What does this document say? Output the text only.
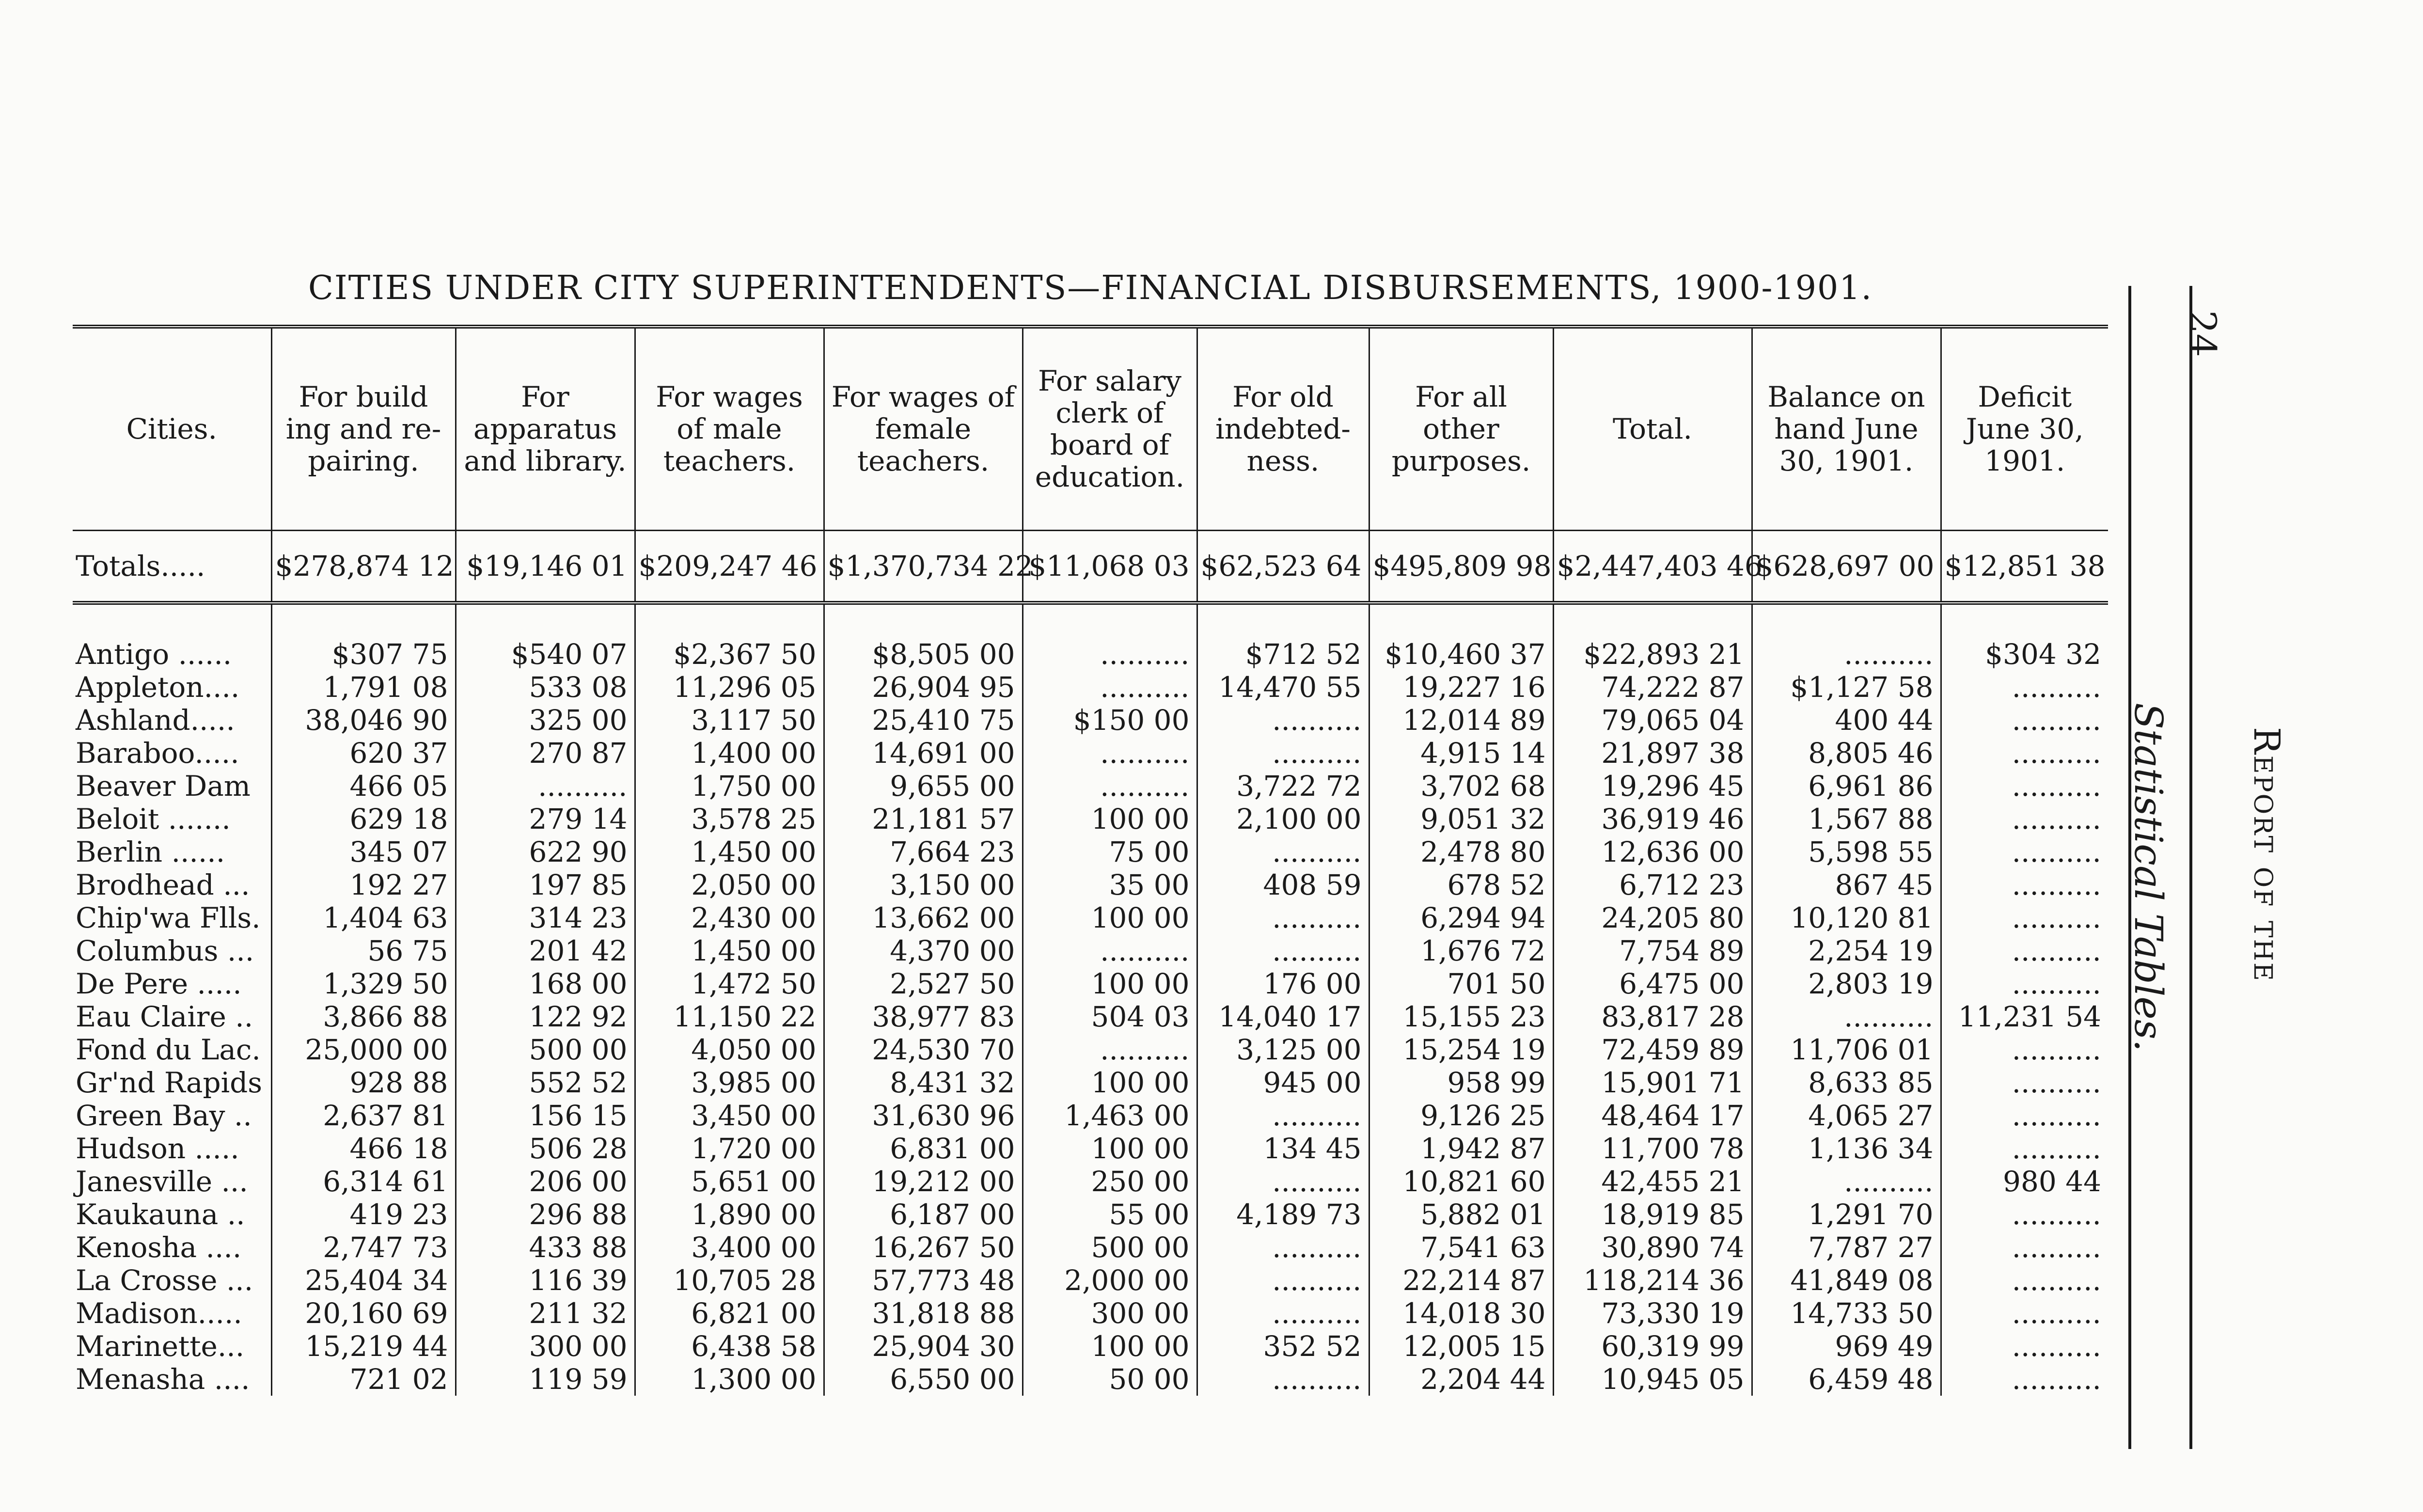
CITIES UNDER CITY SUPERINTENDENTS—FINANCIAL DISBURSEMENTS, 1900-1901.
Cities.	For build ing and re-pairing.	For apparatus and library.	For wages of male teachers.	For wages of female teachers.	For salary clerk of board of education.	For old indebted-ness.	For all other purposes.	Total.	Balance on hand June 30, 1901.	Deficit June 30, 1901.
Totals.....	$278,874 12	$19,146 01	$209,247 46	$1,370,734 22	$11,068 03	$62,523 64	$495,809 98	$2,447,403 46	$628,697 00	$12,851 38

Antigo ......	$307 75	$540 07	$2,367 50	$8,505 00	..........	$712 52	$10,460 37	$22,893 21	..........	$304 32
Appleton....	1,791 08	533 08	11,296 05	26,904 95	..........	14,470 55	19,227 16	74,222 87	$1,127 58	..........
Ashland.....	38,046 90	325 00	3,117 50	25,410 75	$150 00	..........	12,014 89	79,065 04	400 44	..........
Baraboo.....	620 37	270 87	1,400 00	14,691 00	..........	..........	4,915 14	21,897 38	8,805 46	..........
Beaver Dam	466 05	..........	1,750 00	9,655 00	..........	3,722 72	3,702 68	19,296 45	6,961 86	..........
Beloit .......	629 18	279 14	3,578 25	21,181 57	100 00	2,100 00	9,051 32	36,919 46	1,567 88	..........
Berlin ......	345 07	622 90	1,450 00	7,664 23	75 00	..........	2,478 80	12,636 00	5,598 55	..........
Brodhead ...	192 27	197 85	2,050 00	3,150 00	35 00	408 59	678 52	6,712 23	867 45	..........
Chip'wa Flls.	1,404 63	314 23	2,430 00	13,662 00	100 00	..........	6,294 94	24,205 80	10,120 81	..........
Columbus ...	56 75	201 42	1,450 00	4,370 00	..........	..........	1,676 72	7,754 89	2,254 19	..........
De Pere .....	1,329 50	168 00	1,472 50	2,527 50	100 00	176 00	701 50	6,475 00	2,803 19	..........
Eau Claire ..	3,866 88	122 92	11,150 22	38,977 83	504 03	14,040 17	15,155 23	83,817 28	..........	11,231 54
Fond du Lac.	25,000 00	500 00	4,050 00	24,530 70	..........	3,125 00	15,254 19	72,459 89	11,706 01	..........
Gr'nd Rapids	928 88	552 52	3,985 00	8,431 32	100 00	945 00	958 99	15,901 71	8,633 85	..........
Green Bay ..	2,637 81	156 15	3,450 00	31,630 96	1,463 00	..........	9,126 25	48,464 17	4,065 27	..........
Hudson .....	466 18	506 28	1,720 00	6,831 00	100 00	134 45	1,942 87	11,700 78	1,136 34	..........
Janesville ...	6,314 61	206 00	5,651 00	19,212 00	250 00	..........	10,821 60	42,455 21	..........	980 44
Kaukauna ..	419 23	296 88	1,890 00	6,187 00	55 00	4,189 73	5,882 01	18,919 85	1,291 70	..........
Kenosha ....	2,747 73	433 88	3,400 00	16,267 50	500 00	..........	7,541 63	30,890 74	7,787 27	..........
La Crosse ...	25,404 34	116 39	10,705 28	57,773 48	2,000 00	..........	22,214 87	118,214 36	41,849 08	..........
Madison.....	20,160 69	211 32	6,821 00	31,818 88	300 00	..........	14,018 30	73,330 19	14,733 50	..........
Marinette...	15,219 44	300 00	6,438 58	25,904 30	100 00	352 52	12,005 15	60,319 99	969 49	..........
Menasha ....	721 02	119 59	1,300 00	6,550 00	50 00	..........	2,204 44	10,945 05	6,459 48	..........
Statistical Tables. Report of the
24
